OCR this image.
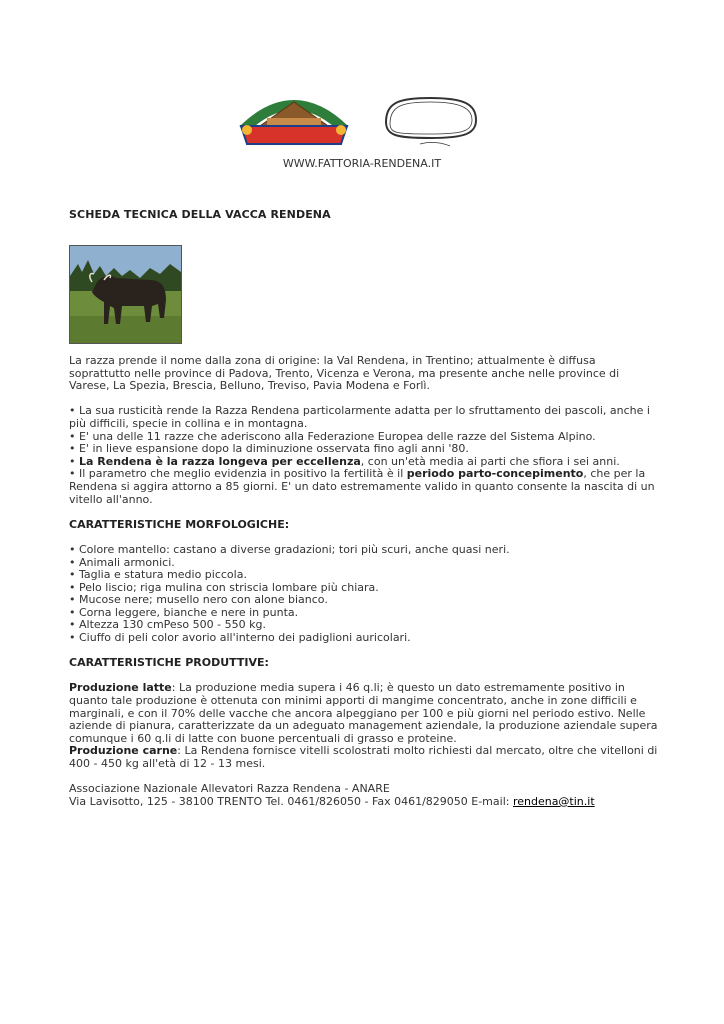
WWW.FATTORIA-RENDENA.IT
SCHEDA TECNICA DELLA VACCA RENDENA

La razza prende il nome dalla zona di origine: la Val Rendena, in Trentino; attualmente è diffusa soprattutto nelle province di Padova, Trento, Vicenza e Verona, ma presente anche nelle province di Varese, La Spezia, Brescia, Belluno, Treviso, Pavia Modena e Forlì.

• La sua rusticità rende la Razza Rendena particolarmente adatta per lo sfruttamento dei pascoli, anche i più difficili, specie in collina e in montagna.

• E' una delle 11 razze che aderiscono alla Federazione Europea delle razze del Sistema Alpino.

• E' in lieve espansione dopo la diminuzione osservata fino agli anni '80.

• La Rendena è la razza longeva per eccellenza, con un'età media ai parti che sfiora i sei anni.

• Il parametro che meglio evidenzia in positivo la fertilità è il periodo parto-concepimento, che per la Rendena si aggira attorno a 85 giorni. E' un dato estremamente valido in quanto consente la nascita di un vitello all'anno.

CARATTERISTICHE MORFOLOGICHE:

• Colore mantello: castano a diverse gradazioni; tori più scuri, anche quasi neri.

• Animali armonici.

• Taglia e statura medio piccola.

• Pelo liscio; riga mulina con striscia lombare più chiara.

• Mucose nere; musello nero con alone bianco.

• Corna leggere, bianche e nere in punta.

• Altezza 130 cmPeso 500 - 550 kg.

• Ciuffo di peli color avorio all'interno dei padiglioni auricolari.

CARATTERISTICHE PRODUTTIVE:

Produzione latte: La produzione media supera i 46 q.li; è questo un dato estremamente positivo in quanto tale produzione è ottenuta con minimi apporti di mangime concentrato, anche in zone difficili e marginali, e con il 70% delle vacche che ancora alpeggiano per 100 e più giorni nel periodo estivo. Nelle aziende di pianura, caratterizzate da un adeguato management aziendale, la produzione aziendale supera comunque i 60 q.li di latte con buone percentuali di grasso e proteine.

Produzione carne: La Rendena fornisce vitelli scolostrati molto richiesti dal mercato, oltre che vitelloni di 400 - 450 kg all'età di 12 - 13 mesi.

Associazione Nazionale Allevatori Razza Rendena - ANARE

Via Lavisotto, 125 - 38100 TRENTO Tel. 0461/826050 - Fax 0461/829050 E-mail: rendena@tin.it
